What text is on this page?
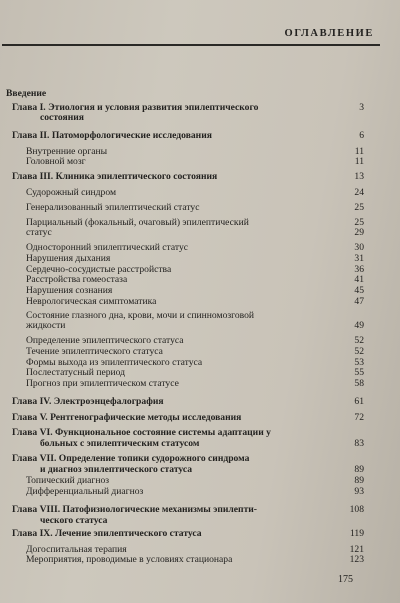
ОГЛАВЛЕНИЕ
Введение
Глава I. Этиология и условия развития эпилептического	3
состояния
Глава II. Патоморфологические исследования	6
Внутренние органы	11
Головной мозг	11
Глава III. Клиника эпилептического состояния	13
Судорожный синдром	24
Генерализованный эпилептический статус	25
Парциальный (фокальный, очаговый) эпилептический	25
статус	29
Односторонний эпилептический статус	30
Нарушения дыхания	31
Сердечно-сосудистые расстройства	36
Расстройства гомеостаза	41
Нарушения сознания	45
Неврологическая симптоматика	47
Состояние глазного дна, крови, мочи и спинномозговой
жидкости	49
Определение эпилептического статуса	52
Течение эпилептического статуса	52
Формы выхода из эпилептического статуса	53
Послестатусный период	55
Прогноз при эпилептическом статусе	58
Глава IV. Электроэнцефалография	61
Глава V. Рентгенографические методы исследования	72
Глава VI. Функциональное состояние системы адаптации у
больных с эпилептическим статусом	83
Глава VII. Определение топики судорожного синдрома
и диагноз эпилептического статуса	89
Топический диагноз	89
Дифференциальный диагноз	93
Глава VIII. Патофизиологические механизмы эпилепти-	108
ческого статуса
Глава IX. Лечение эпилептического статуса	119
Догоспитальная терапия	121
Мероприятия, проводимые в условиях стационара	123
175
